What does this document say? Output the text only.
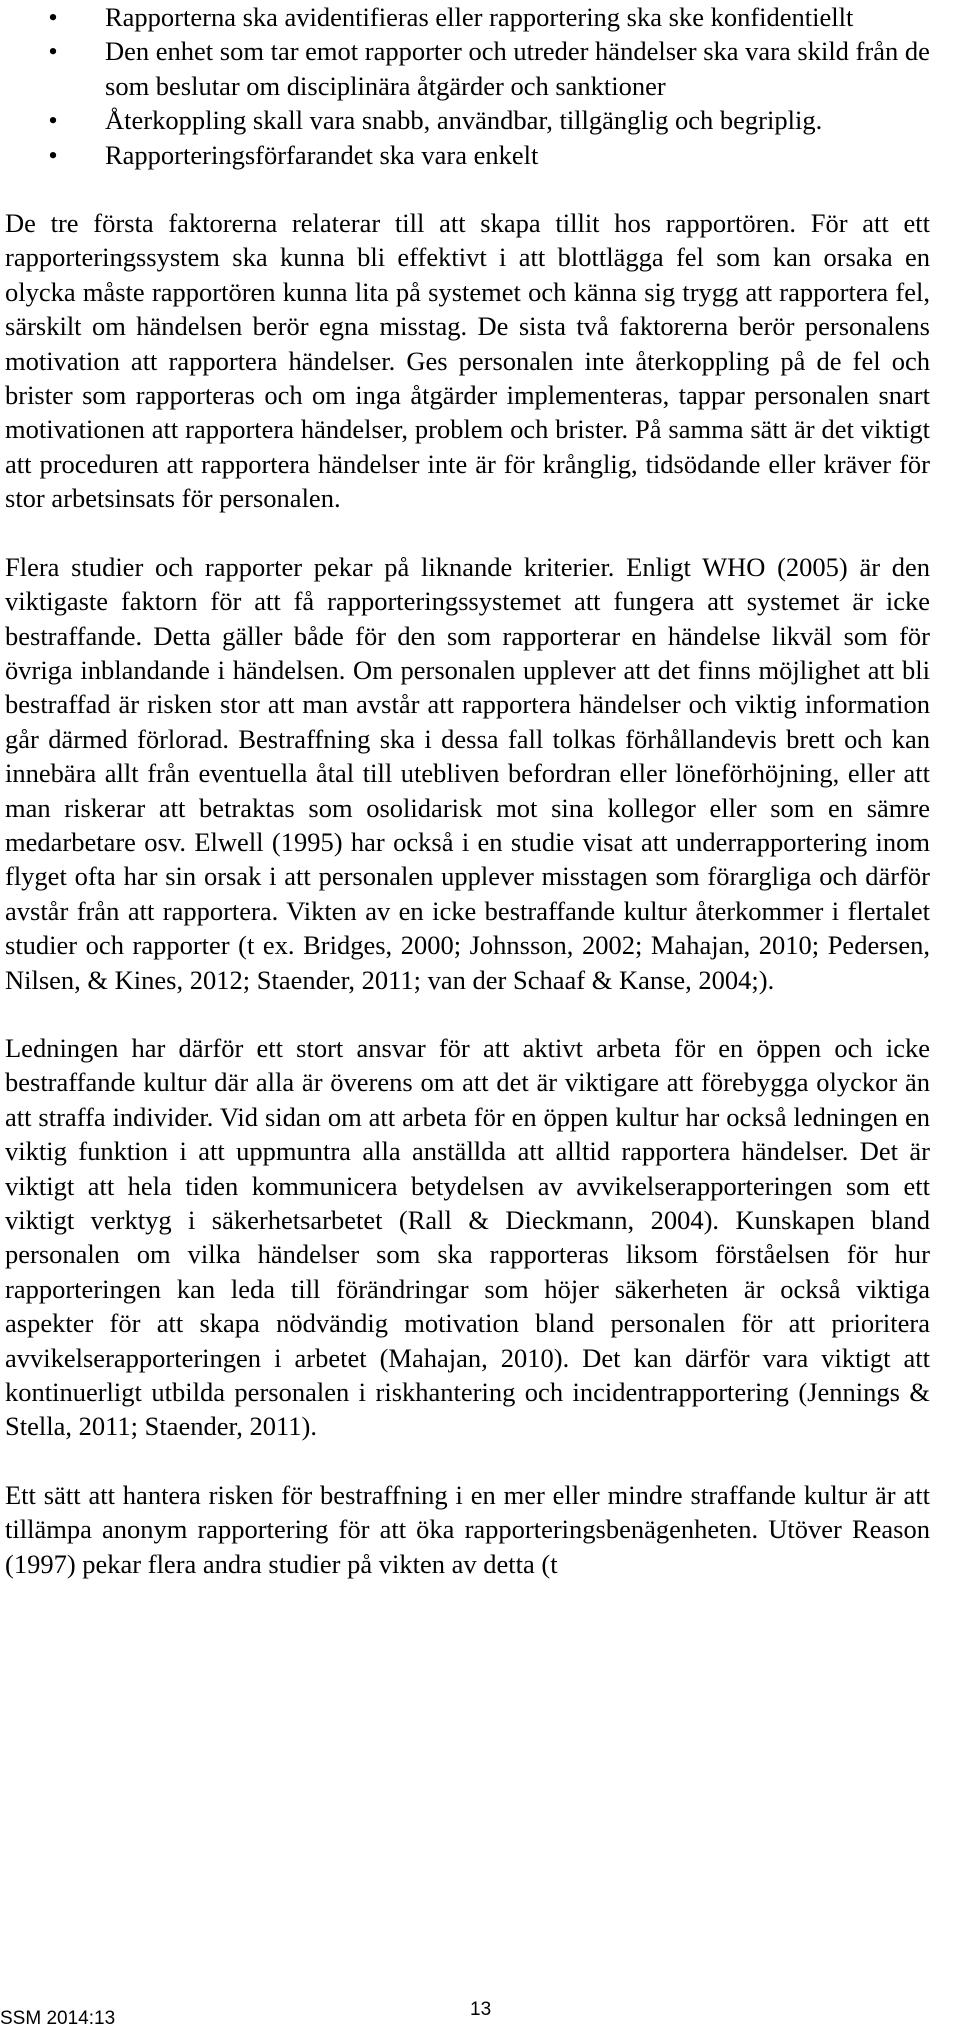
• Rapporterna ska avidentifieras eller rapportering ska ske konfidentiellt
• Den enhet som tar emot rapporter och utreder händelser ska vara skild från de som beslutar om disciplinära åtgärder och sanktioner
• Återkoppling skall vara snabb, användbar, tillgänglig och begriplig.
• Rapporteringsförfarandet ska vara enkelt

De tre första faktorerna relaterar till att skapa tillit hos rapportören. För att ett rapporteringssystem ska kunna bli effektivt i att blottlägga fel som kan orsaka en olycka måste rapportören kunna lita på systemet och känna sig trygg att rapportera fel, särskilt om händelsen berör egna misstag. De sista två faktorerna berör personalens motivation att rapportera händelser. Ges personalen inte återkoppling på de fel och brister som rapporteras och om inga åtgärder implementeras, tappar personalen snart motivationen att rapportera händelser, problem och brister. På samma sätt är det viktigt att proceduren att rapportera händelser inte är för krånglig, tidsödande eller kräver för stor arbetsinsats för personalen.

Flera studier och rapporter pekar på liknande kriterier. Enligt WHO (2005) är den viktigaste faktorn för att få rapporteringssystemet att fungera att systemet är icke bestraffande. Detta gäller både för den som rapporterar en händelse likväl som för övriga inblandande i händelsen. Om personalen upplever att det finns möjlighet att bli bestraffad är risken stor att man avstår att rapportera händelser och viktig information går därmed förlorad. Bestraffning ska i dessa fall tolkas förhållandevis brett och kan innebära allt från eventuella åtal till utebliven befordran eller löneförhöjning, eller att man riskerar att betraktas som osolidarisk mot sina kollegor eller som en sämre medarbetare osv. Elwell (1995) har också i en studie visat att underrapportering inom flyget ofta har sin orsak i att personalen upplever misstagen som förargliga och därför avstår från att rapportera. Vikten av en icke bestraffande kultur återkommer i flertalet studier och rapporter (t ex. Bridges, 2000; Johnsson, 2002; Mahajan, 2010; Pedersen, Nilsen, & Kines, 2012; Staender, 2011; van der Schaaf & Kanse, 2004;).

Ledningen har därför ett stort ansvar för att aktivt arbeta för en öppen och icke bestraffande kultur där alla är överens om att det är viktigare att förebygga olyckor än att straffa individer. Vid sidan om att arbeta för en öppen kultur har också ledningen en viktig funktion i att uppmuntra alla anställda att alltid rapportera händelser. Det är viktigt att hela tiden kommunicera betydelsen av avvikelserapporteringen som ett viktigt verktyg i säkerhetsarbetet (Rall & Dieckmann, 2004). Kunskapen bland personalen om vilka händelser som ska rapporteras liksom förståelsen för hur rapporteringen kan leda till förändringar som höjer säkerheten är också viktiga aspekter för att skapa nödvändig motivation bland personalen för att prioritera avvikelserapporteringen i arbetet (Mahajan, 2010). Det kan därför vara viktigt att kontinuerligt utbilda personalen i riskhantering och incidentrapportering (Jennings & Stella, 2011; Staender, 2011).

Ett sätt att hantera risken för bestraffning i en mer eller mindre straffande kultur är att tillämpa anonym rapportering för att öka rapporteringsbenägenheten. Utöver Reason (1997) pekar flera andra studier på vikten av detta (t

SSM 2014:13	13
